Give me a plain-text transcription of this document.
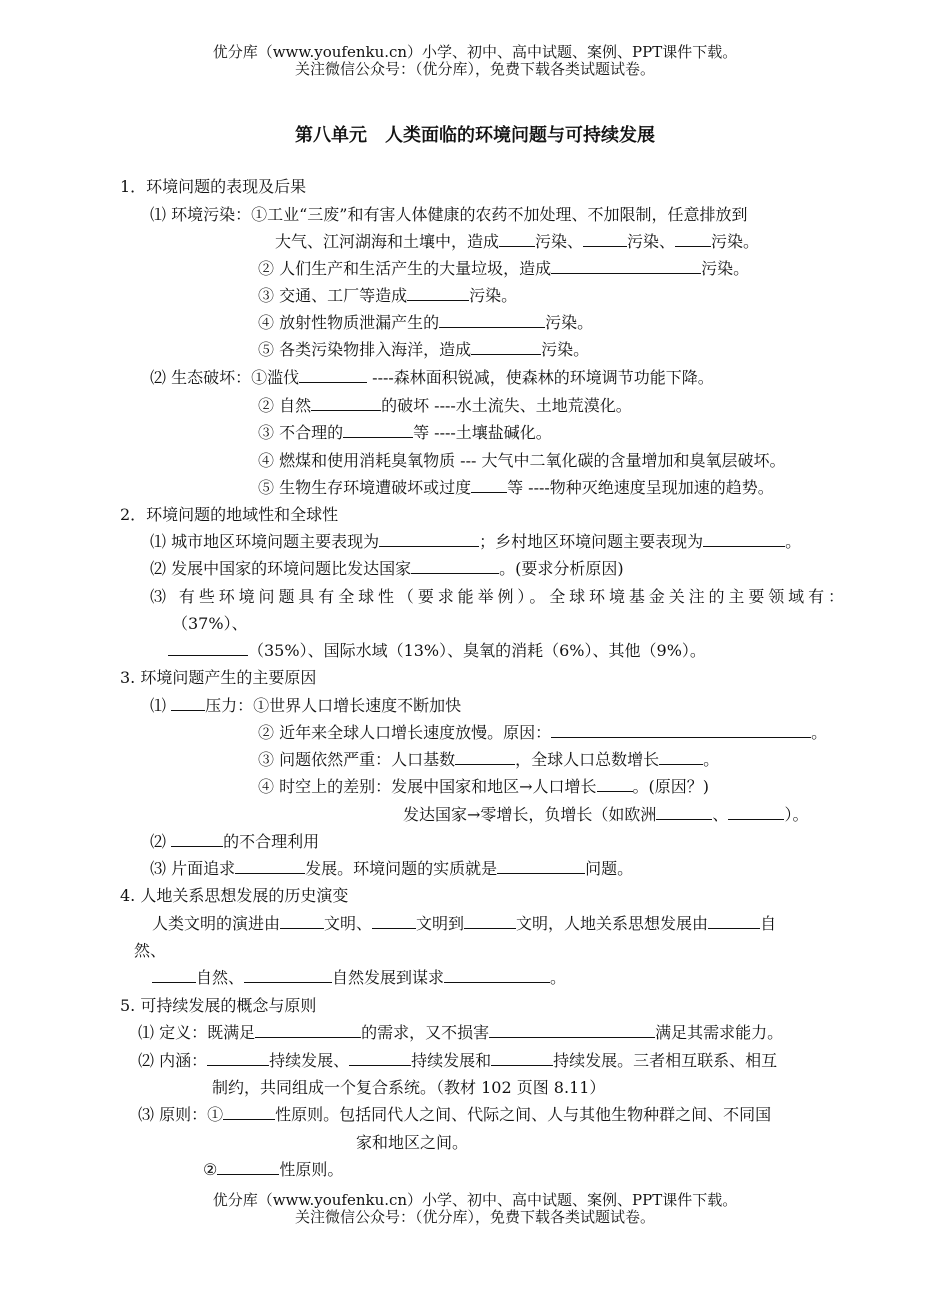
优分库（www.youfenku.cn）小学、初中、高中试题、案例、PPT课件下载。
关注微信公众号：（优分库），免费下载各类试题试卷。
第八单元　人类面临的环境问题与可持续发展
1．环境问题的表现及后果
⑴ 环境污染：①工业“三废”和有害人体健康的农药不加处理、不加限制，任意排放到
大气、江河湖海和土壤中，造成 污染、	污染、 污染。
② 人们生产和生活产生的大量垃圾，造成	污染。
③ 交通、工厂等造成	污染。
④ 放射性物质泄漏产生的	污染。
⑤ 各类污染物排入海洋，造成	污染。
⑵ 生态破坏：①滥伐	----森林面积锐减，使森林的环境调节功能下降。
② 自然	的破坏 ----水土流失、土地荒漠化。
③ 不合理的	等 ----土壤盐碱化。
④ 燃煤和使用消耗臭氧物质 --- 大气中二氧化碳的含量增加和臭氧层破坏。
⑤ 生物生存环境遭破坏或过度 等 ----物种灭绝速度呈现加速的趋势。
2．环境问题的地域性和全球性
⑴ 城市地区环境问题主要表现为	；乡村地区环境问题主要表现为	。
⑵ 发展中国家的环境问题比发达国家	。(要求分析原因)
⑶ 有些环境问题具有全球性（要求能举例）。全球环境基金关注的主要领域有：
（37%）、
（35%）、国际水域（13%）、臭氧的消耗（6%）、其他（9%）。
3. 环境问题产生的主要原因
⑴ 压力：①世界人口增长速度不断加快
② 近年来全球人口增长速度放慢。原因：	。
③ 问题依然严重：人口基数	，全球人口总数增长	。
④ 时空上的差别：发展中国家和地区→人口增长 。(原因？)
发达国家→零增长，负增长（如欧洲	、	）。
⑵	的不合理利用
⑶ 片面追求	发展。环境问题的实质就是	问题。
4. 人地关系思想发展的历史演变
人类文明的演进由	文明、	文明到	文明，人地关系思想发展由	自
然、
自然、	自然发展到谋求	。
5. 可持续发展的概念与原则
⑴ 定义：既满足	的需求，又不损害	满足其需求能力。
⑵ 内涵：	持续发展、	持续发展和	持续发展。三者相互联系、相互
制约，共同组成一个复合系统。（教材 102 页图 8.11）
⑶ 原则：①	性原则。包括同代人之间、代际之间、人与其他生物种群之间、不同国
家和地区之间。
②	性原则。
优分库（www.youfenku.cn）小学、初中、高中试题、案例、PPT课件下载。
关注微信公众号：（优分库），免费下载各类试题试卷。
